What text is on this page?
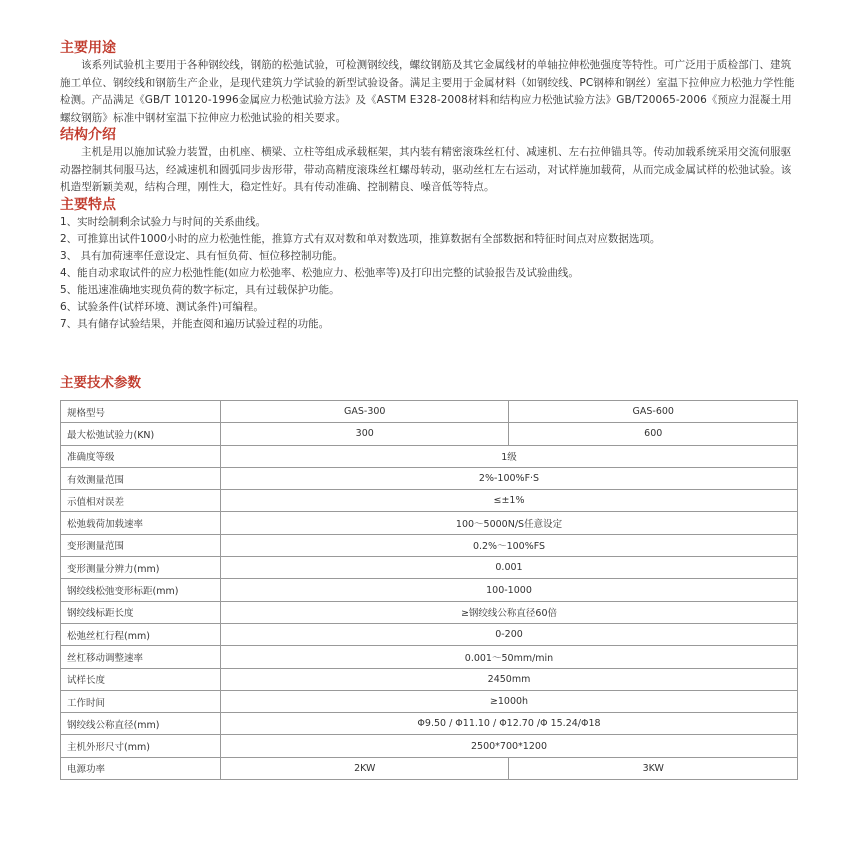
主要用途

该系列试验机主要用于各种钢绞线，钢筋的松弛试验，可检测钢绞线，螺纹钢筋及其它金属线材的单轴拉伸松弛强度等特性。可广泛用于质检部门、建筑施工单位、钢绞线和钢筋生产企业，是现代建筑力学试验的新型试验设备。满足主要用于金属材料（如钢绞线、PC钢棒和钢丝）室温下拉伸应力松弛力学性能检测。产品满足《GB/T 10120-1996金属应力松弛试验方法》及《ASTM E328-2008材料和结构应力松弛试验方法》GB/T20065-2006《预应力混凝土用螺纹钢筋》标准中钢材室温下拉伸应力松弛试验的相关要求。

结构介绍

主机是用以施加试验力装置，由机座、横梁、立柱等组成承载框架，其内装有精密滚珠丝杠付、减速机、左右拉伸锚具等。传动加载系统采用交流伺服驱动器控制其伺服马达，经减速机和圆弧同步齿形带，带动高精度滚珠丝杠螺母转动，驱动丝杠左右运动，对试样施加载荷，从而完成金属试样的松弛试验。该机造型新颖美观，结构合理，刚性大，稳定性好。具有传动准确、控制精良、噪音低等特点。

主要特点

1、实时绘制剩余试验力与时间的关系曲线。

2、可推算出试件1000小时的应力松弛性能，推算方式有双对数和单对数选项，推算数据有全部数据和特征时间点对应数据选项。

3、 具有加荷速率任意设定、具有恒负荷、恒位移控制功能。

4、能自动求取试件的应力松弛性能(如应力松弛率、松弛应力、松弛率等)及打印出完整的试验报告及试验曲线。

5、能迅速准确地实现负荷的数字标定，具有过载保护功能。

6、试验条件(试样环境、测试条件)可编程。

7、具有储存试验结果，并能查阅和遍历试验过程的功能。

主要技术参数
规格型号	GAS-300	GAS-600
最大松弛试验力(KN)	300	600
准确度等级	1级	
有效测量范围	2%-100%F·S	
示值相对误差	≤±1%	
松弛载荷加载速率	100～5000N/S任意设定	
变形测量范围	0.2%～100%FS	
变形测量分辨力(mm)	0.001	
钢绞线松弛变形标距(mm)	100-1000	
钢绞线标距长度	≥钢绞线公称直径60倍	
松弛丝杠行程(mm)	0-200	
丝杠移动调整速率	0.001～50mm/min	
试样长度	2450mm	
工作时间	≥1000h	
钢绞线公称直径(mm)	Φ9.50 / Φ11.10 / Φ12.70 /Φ 15.24/Φ18	
主机外形尺寸(mm)	2500*700*1200	
电源功率	2KW	3KW
